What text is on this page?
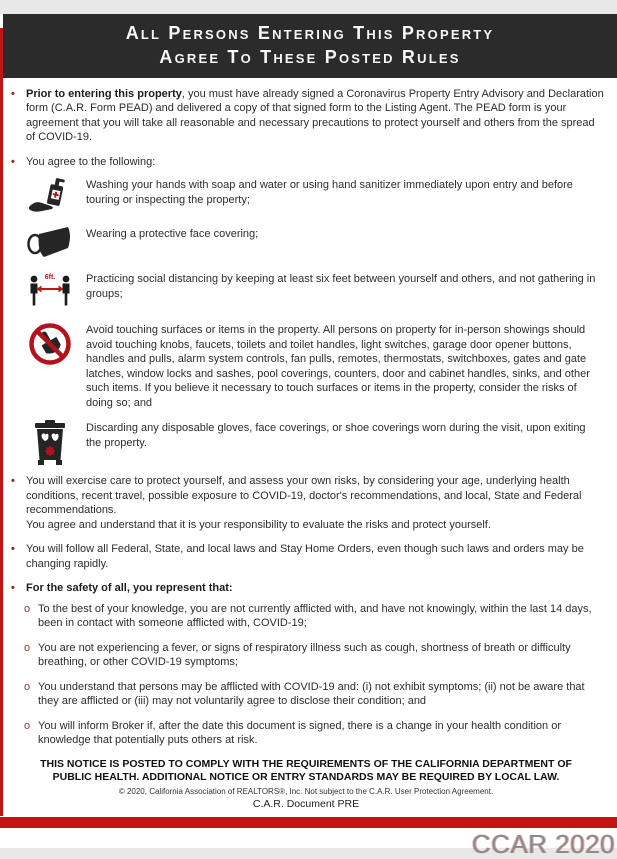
All Persons Entering This Property
Agree To These Posted Rules
•	Prior to entering this property, you must have already signed a Coronavirus Property Entry Advisory and Declaration form (C.A.R. Form PEAD) and delivered a copy of that signed form to the Listing Agent. The PEAD form is your agreement that you will take all reasonable and necessary precautions to protect yourself and others from the spread of COVID-19.
•	You agree to the following:
Washing your hands with soap and water or using hand sanitizer immediately upon entry and before touring or inspecting the property;
Wearing a protective face covering;
6ft.	Practicing social distancing by keeping at least six feet between yourself and others, and not gathering in groups;
Avoid touching surfaces or items in the property. All persons on property for in-person showings should avoid touching knobs, faucets, toilets and toilet handles, light switches, garage door opener buttons, handles and pulls, alarm system controls, fan pulls, remotes, thermostats, switchboxes, gates and gate latches, window locks and sashes, pool coverings, counters, door and cabinet handles, sinks, and other such items. If you believe it necessary to touch surfaces or items in the property, consider the risks of doing so; and
Discarding any disposable gloves, face coverings, or shoe coverings worn during the visit, upon exiting the property.
•	You will exercise care to protect yourself, and assess your own risks, by considering your age, underlying health conditions, recent travel, possible exposure to COVID-19, doctor's recommendations, and local, State and Federal recommendations.
You agree and understand that it is your responsibility to evaluate the risks and protect yourself.
•	You will follow all Federal, State, and local laws and Stay Home Orders, even though such laws and orders may be changing rapidly.
•	For the safety of all, you represent that:
o To the best of your knowledge, you are not currently afflicted with, and have not knowingly, within the last 14 days, been in contact with someone afflicted with, COVID-19;
o You are not experiencing a fever, or signs of respiratory illness such as cough, shortness of breath or difficulty breathing, or other COVID-19 symptoms;
o You understand that persons may be afflicted with COVID-19 and: (i) not exhibit symptoms; (ii) not be aware that they are afflicted or (iii) may not voluntarily agree to disclose their condition; and
o You will inform Broker if, after the date this document is signed, there is a change in your health condition or knowledge that potentially puts others at risk.
THIS NOTICE IS POSTED TO COMPLY WITH THE REQUIREMENTS OF THE CALIFORNIA DEPARTMENT OF PUBLIC HEALTH. ADDITIONAL NOTICE OR ENTRY STANDARDS MAY BE REQUIRED BY LOCAL LAW.
© 2020, California Association of REALTORS®, Inc. Not subject to the C.A.R. User Protection Agreement.
C.A.R. Document PRE
CCAR 2020
